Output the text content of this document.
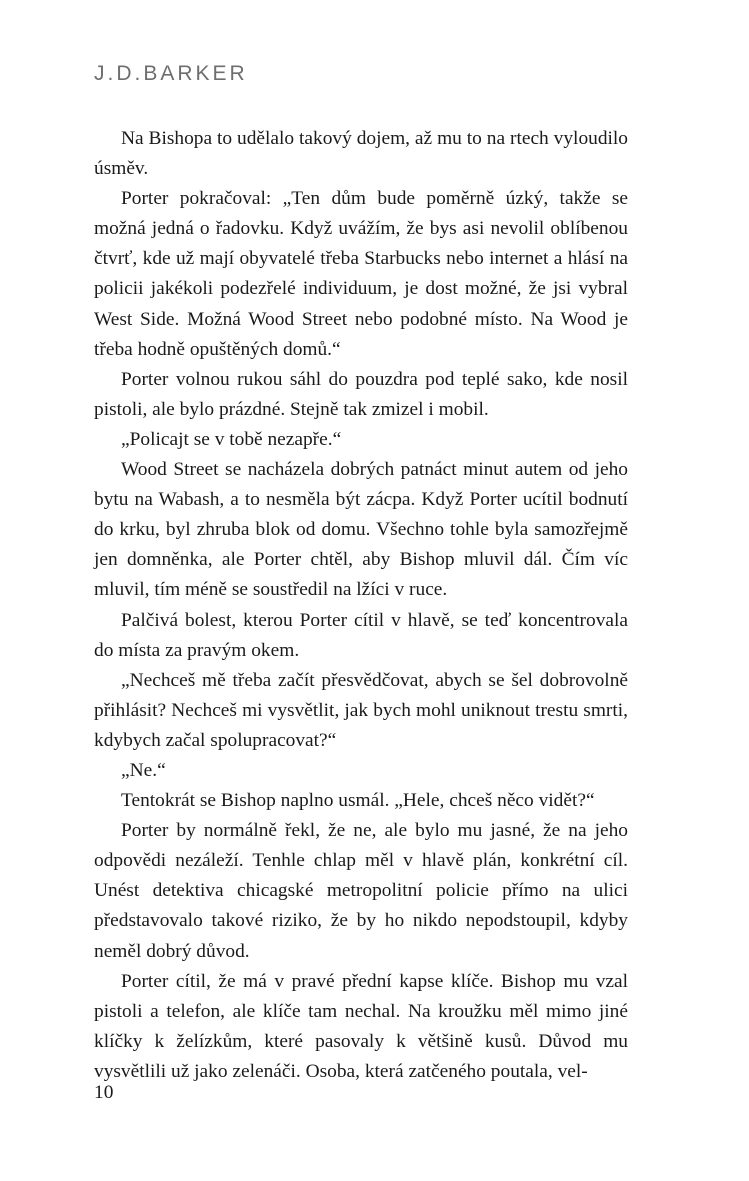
J.D.BARKER

Na Bishopa to udělalo takový dojem, až mu to na rtech vyloudilo úsměv.

Porter pokračoval: „Ten dům bude poměrně úzký, takže se možná jedná o řadovku. Když uvážím, že bys asi nevolil oblíbenou čtvrť, kde už mají obyvatelé třeba Starbucks nebo internet a hlásí na policii jakékoli podezřelé individuum, je dost možné, že jsi vybral West Side. Možná Wood Street nebo podobné místo. Na Wood je třeba hodně opuštěných domů.“

Porter volnou rukou sáhl do pouzdra pod teplé sako, kde nosil pistoli, ale bylo prázdné. Stejně tak zmizel i mobil.

„Policajt se v tobě nezapře.“

Wood Street se nacházela dobrých patnáct minut autem od jeho bytu na Wabash, a to nesměla být zácpa. Když Porter ucítil bodnutí do krku, byl zhruba blok od domu. Všechno tohle byla samozřejmě jen domněnka, ale Porter chtěl, aby Bishop mluvil dál. Čím víc mluvil, tím méně se soustředil na lžíci v ruce.

Palčivá bolest, kterou Porter cítil v hlavě, se teď koncentrovala do místa za pravým okem.

„Nechceš mě třeba začít přesvědčovat, abych se šel dobrovolně přihlásit? Nechceš mi vysvětlit, jak bych mohl uniknout trestu smrti, kdybych začal spolupracovat?“

„Ne.“

Tentokrát se Bishop naplno usmál. „Hele, chceš něco vidět?“

Porter by normálně řekl, že ne, ale bylo mu jasné, že na jeho odpovědi nezáleží. Tenhle chlap měl v hlavě plán, konkrétní cíl. Unést detektiva chicagské metropolitní policie přímo na ulici představovalo takové riziko, že by ho nikdo nepodstoupil, kdyby neměl dobrý důvod.

Porter cítil, že má v pravé přední kapse klíče. Bishop mu vzal pistoli a telefon, ale klíče tam nechal. Na kroužku měl mimo jiné klíčky k želízkům, které pasovaly k většině kusů. Důvod mu vysvětlili už jako zelenáči. Osoba, která zatčeného poutala, vel-

10
